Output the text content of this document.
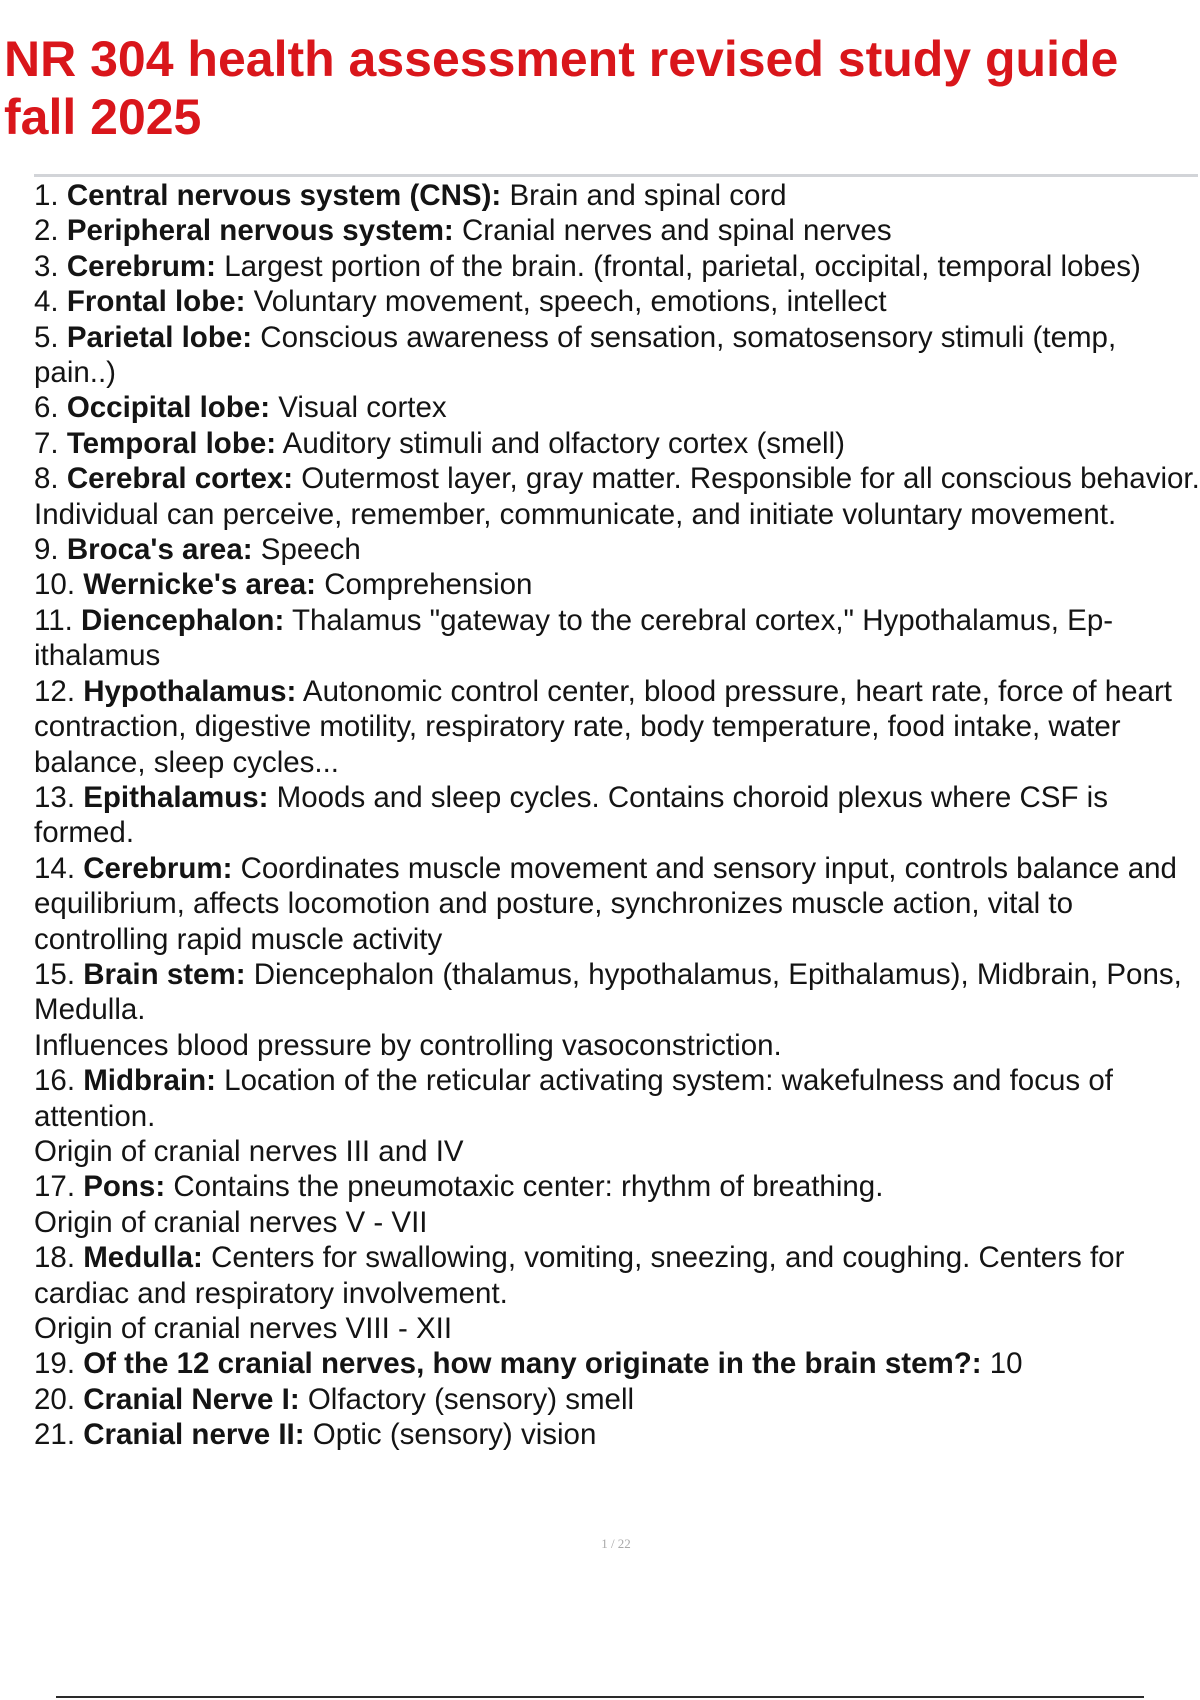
NR 304 health assessment revised study guide fall 2025
1. Central nervous system (CNS): Brain and spinal cord
2. Peripheral nervous system: Cranial nerves and spinal nerves
3. Cerebrum: Largest portion of the brain. (frontal, parietal, occipital, temporal lobes)
4. Frontal lobe: Voluntary movement, speech, emotions, intellect
5. Parietal lobe: Conscious awareness of sensation, somatosensory stimuli (temp, pain..)
6. Occipital lobe: Visual cortex
7. Temporal lobe: Auditory stimuli and olfactory cortex (smell)
8. Cerebral cortex: Outermost layer, gray matter. Responsible for all conscious behavior. Individual can perceive, remember, communicate, and initiate voluntary movement.
9. Broca's area: Speech
10. Wernicke's area: Comprehension
11. Diencephalon: Thalamus "gateway to the cerebral cortex," Hypothalamus, Ep-ithalamus
12. Hypothalamus: Autonomic control center, blood pressure, heart rate, force of heart contraction, digestive motility, respiratory rate, body temperature, food intake, water balance, sleep cycles...
13. Epithalamus: Moods and sleep cycles. Contains choroid plexus where CSF is formed.
14. Cerebrum: Coordinates muscle movement and sensory input, controls balance and equilibrium, affects locomotion and posture, synchronizes muscle action, vital to controlling rapid muscle activity
15. Brain stem: Diencephalon (thalamus, hypothalamus, Epithalamus), Midbrain, Pons, Medulla.
Influences blood pressure by controlling vasoconstriction.
16. Midbrain: Location of the reticular activating system: wakefulness and focus of attention.
Origin of cranial nerves III and IV
17. Pons: Contains the pneumotaxic center: rhythm of breathing.
Origin of cranial nerves V - VII
18. Medulla: Centers for swallowing, vomiting, sneezing, and coughing. Centers for cardiac and respiratory involvement.
Origin of cranial nerves VIII - XII
19. Of the 12 cranial nerves, how many originate in the brain stem?: 10
20. Cranial Nerve I: Olfactory (sensory) smell
21. Cranial nerve II: Optic (sensory) vision
1 / 22
